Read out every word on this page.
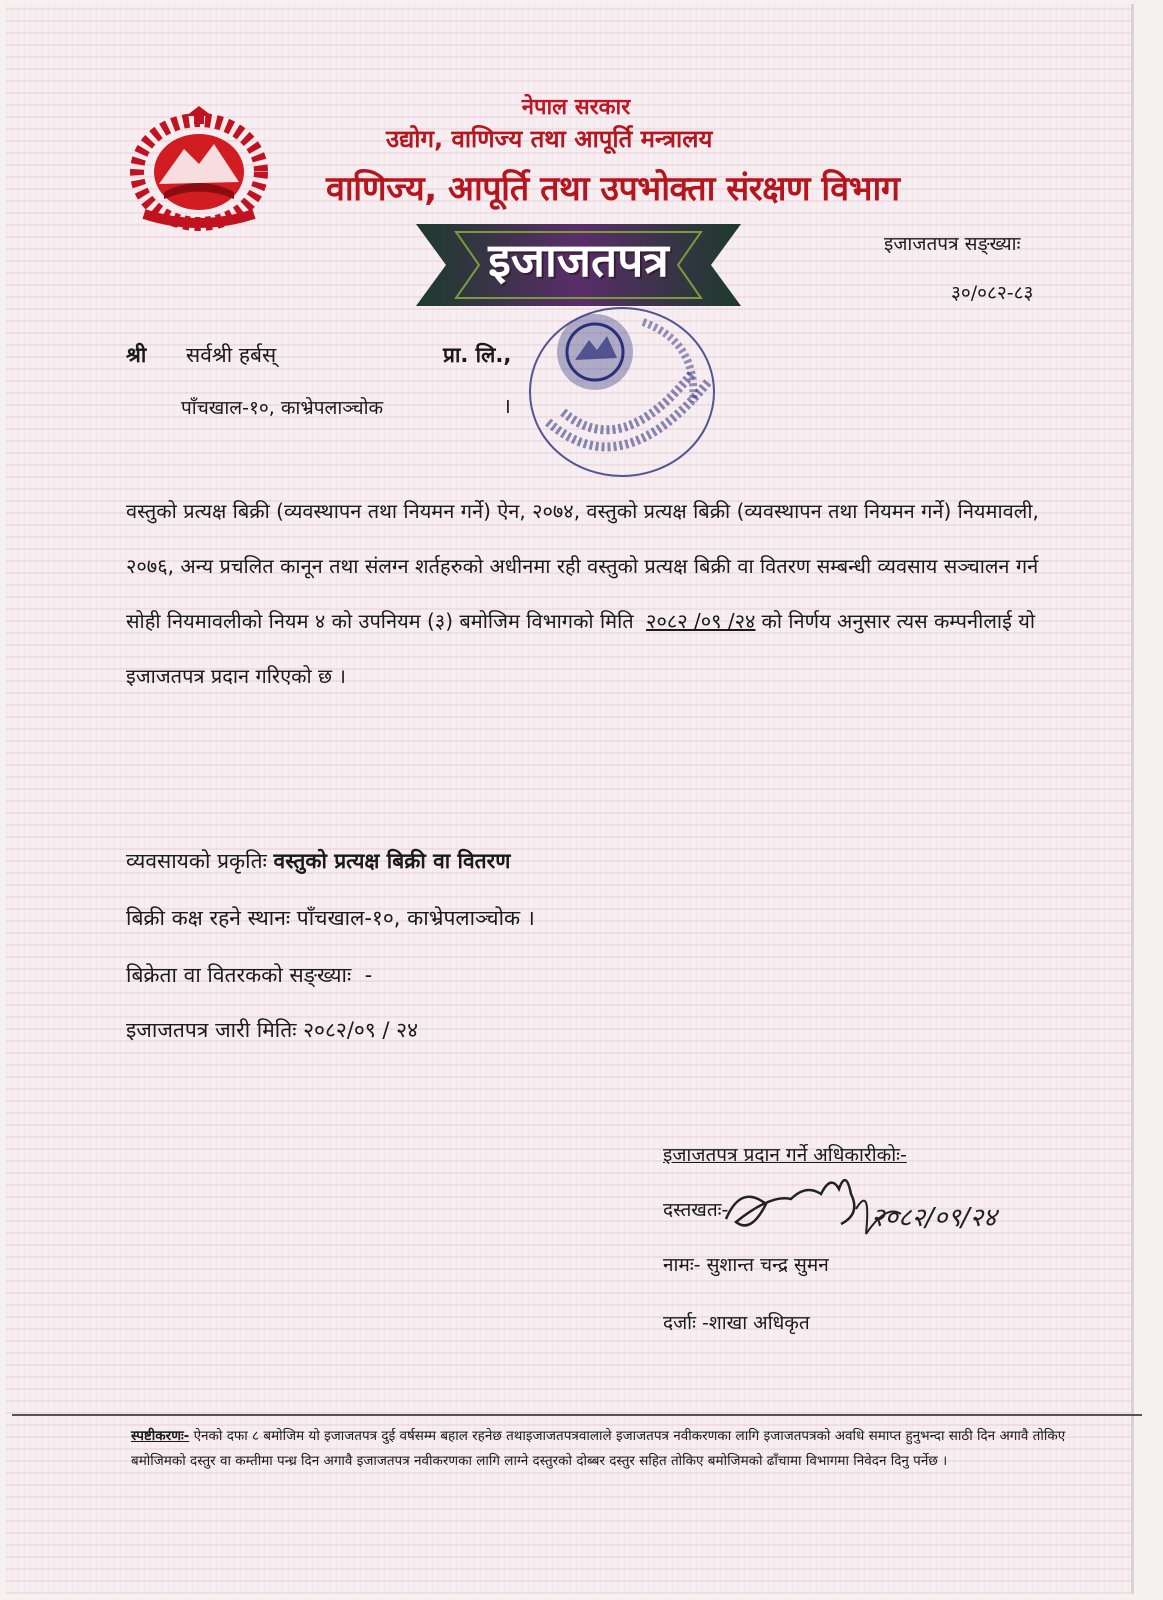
नेपाल सरकार
उद्योग, वाणिज्य तथा आपूर्ति मन्त्रालय
वाणिज्य, आपूर्ति तथा उपभोक्ता संरक्षण विभाग
इजाजतपत्र	इजाजतपत्र सङ्ख्याः
३०/०८२-८३
श्री सर्वश्री हर्बस्	प्रा. लि.,
पाँचखाल-१०, काभ्रेपलाञ्चोक	।
वस्तुको प्रत्यक्ष बिक्री (व्यवस्थापन तथा नियमन गर्ने) ऐन, २०७४, वस्तुको प्रत्यक्ष बिक्री (व्यवस्थापन तथा नियमन गर्ने) नियमावली, २०७६, अन्य प्रचलित कानून तथा संलग्न शर्तहरुको अधीनमा रही वस्तुको प्रत्यक्ष बिक्री वा वितरण सम्बन्धी व्यवसाय सञ्चालन गर्न सोही नियमावलीको नियम ४ को उपनियम (३) बमोजिम विभागको मिति २०८२ /०९ /२४ को निर्णय अनुसार त्यस कम्पनीलाई यो इजाजतपत्र प्रदान गरिएको छ ।
व्यवसायको प्रकृतिः वस्तुको प्रत्यक्ष बिक्री वा वितरण
बिक्री कक्ष रहने स्थानः पाँचखाल-१०, काभ्रेपलाञ्चोक ।
बिक्रेता वा वितरकको सङ्ख्याः -
इजाजतपत्र जारी मितिः २०८२/०९ / २४
इजाजतपत्र प्रदान गर्ने अधिकारीकोः-
दस्तखतः-	२०८२/०९/२४
नामः- सुशान्त चन्द्र सुमन
दर्जाः -शाखा अधिकृत
स्पष्टीकरणः- ऐनको दफा ८ बमोजिम यो इजाजतपत्र दुई वर्षसम्म बहाल रहनेछ तथाइजाजतपत्रवालाले इजाजतपत्र नवीकरणका लागि इजाजतपत्रको अवधि समाप्त हुनुभन्दा साठी दिन अगावै तोकिए बमोजिमको दस्तुर वा कम्तीमा पन्ध्र दिन अगावै इजाजतपत्र नवीकरणका लागि लाग्ने दस्तुरको दोब्बर दस्तुर सहित तोकिए बमोजिमको ढाँचामा विभागमा निवेदन दिनु पर्नेछ ।
